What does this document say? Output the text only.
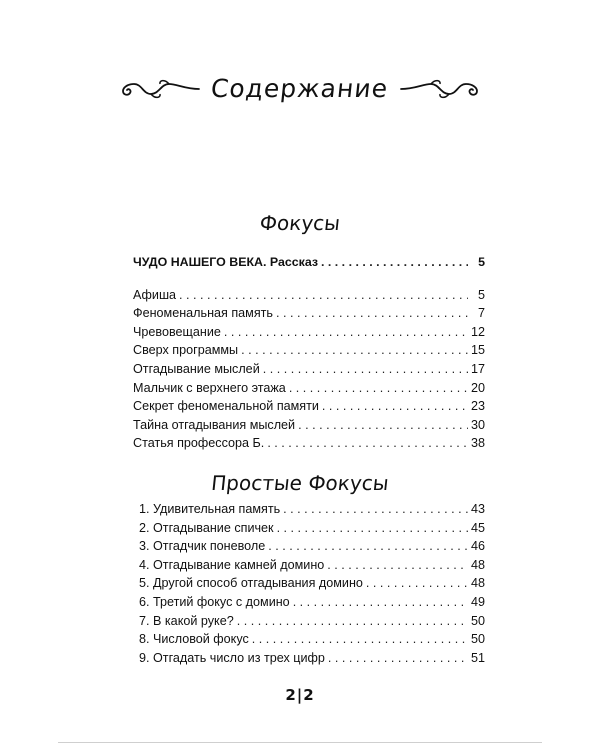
Содержание
Фокусы
ЧУДО НАШЕГО ВЕКА. Рассказ . . .	5
Афиша . . .	5
Феноменальная память . . .	7
Чревовещание . . .	12
Сверх программы . . .	15
Отгадывание мыслей . . .	17
Мальчик с верхнего этажа . . .	20
Секрет феноменальной памяти . . .	23
Тайна отгадывания мыслей . . .	30
Статья профессора Б. . . .	38
Простые Фокусы
1. Удивительная память . . .	43
2. Отгадывание спичек . . .	45
3. Отгадчик поневоле . . .	46
4. Отгадывание камней домино . . .	48
5. Другой способ отгадывания домино . . .	48
6. Третий фокус с домино . . .	49
7. В какой руке? . . .	50
8. Числовой фокус . . .	50
9. Отгадать число из трех цифр . . .	51
2|2
